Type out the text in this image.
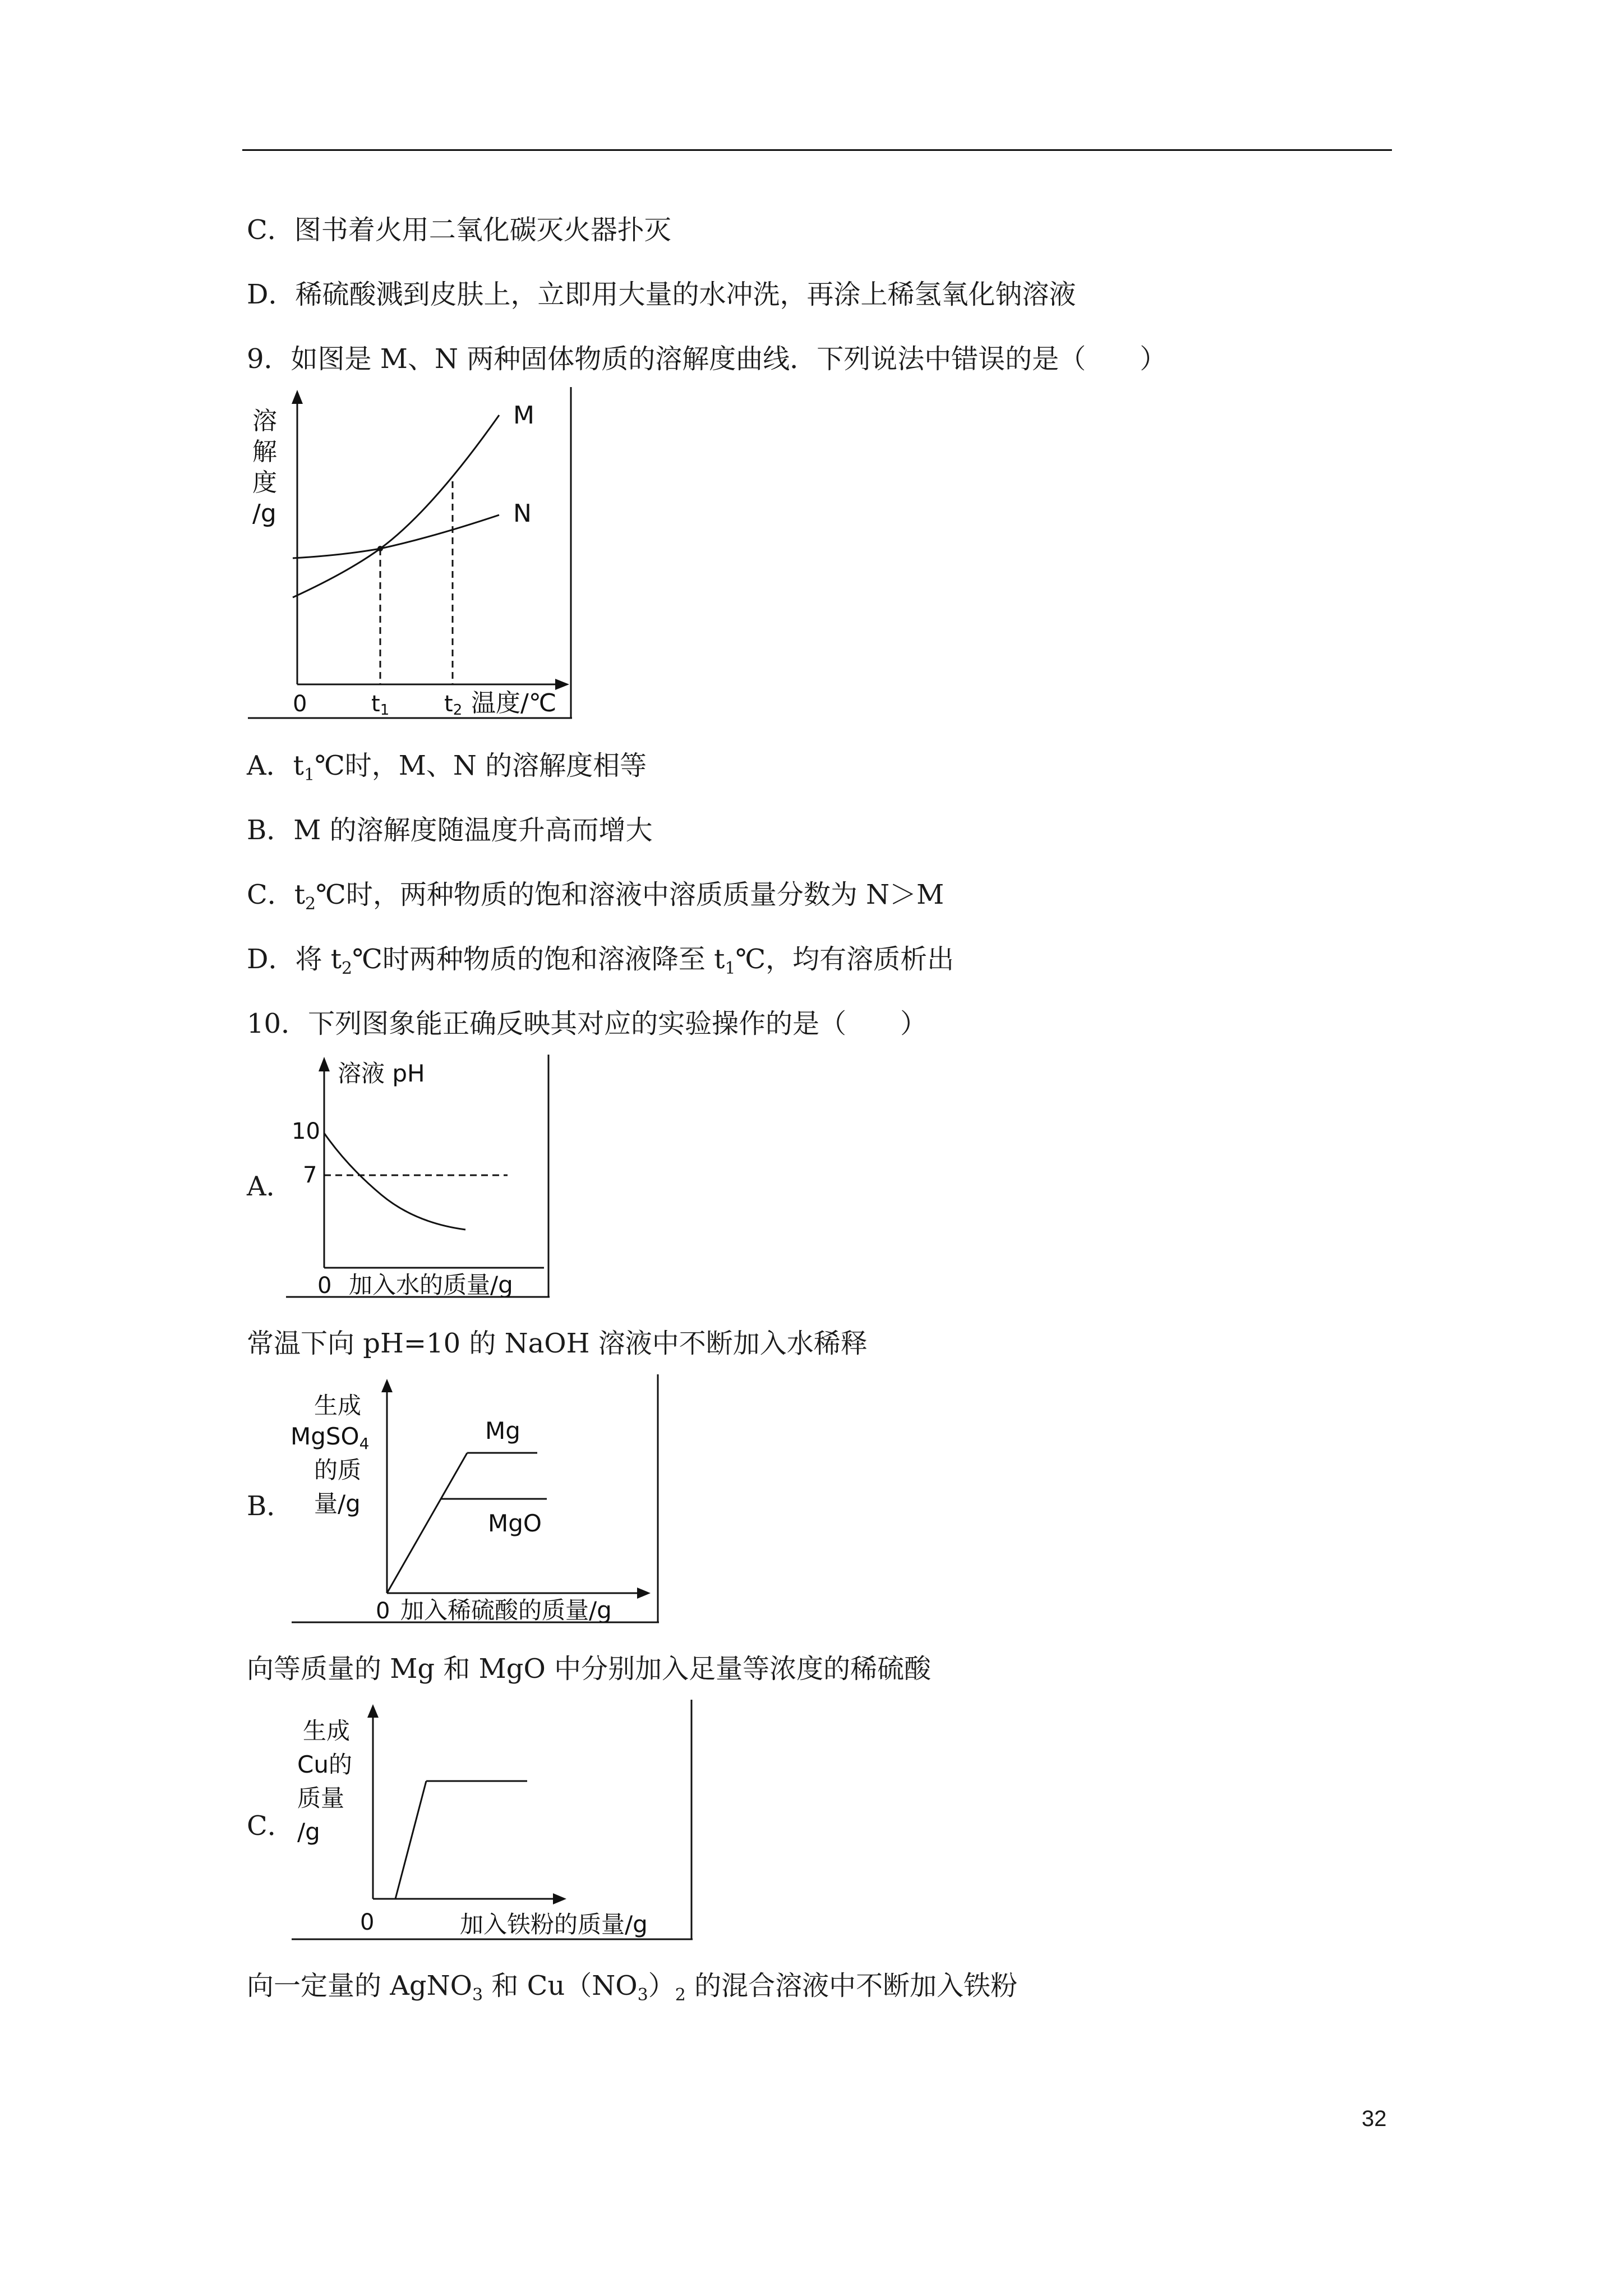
C．图书着火用二氧化碳灭火器扑灭
D．稀硫酸溅到皮肤上，立即用大量的水冲洗，再涂上稀氢氧化钠溶液
9．如图是 M、N 两种固体物质的溶解度曲线．下列说法中错误的是（　　）
溶
解
度
/g
M
N
0	t1 t2 温度/℃
A．$t_1℃$时，M、N 的溶解度相等
B．M 的溶解度随温度升高而增大
C．$t_2℃$时，两种物质的饱和溶液中溶质质量分数为 N＞M
D．将 $t_2℃$时两种物质的饱和溶液降至 $t_1℃$，均有溶质析出
10．下列图象能正确反映其对应的实验操作的是（　　）
A．
溶液 pH
10
7
0 加入水的质量/g
常温下向 pH=10 的 NaOH 溶液中不断加入水稀释
B．
生成
MgSO4
的质
量/g
Mg
MgO
0 加入稀硫酸的质量/g
向等质量的 Mg 和 MgO 中分别加入足量等浓度的稀硫酸
C．
生成
Cu的
质量
/g
0	加入铁粉的质量/g
向一定量的 AgNO$_3$ 和 $Cu(NO_3)_2$ 的混合溶液中不断加入铁粉
32
